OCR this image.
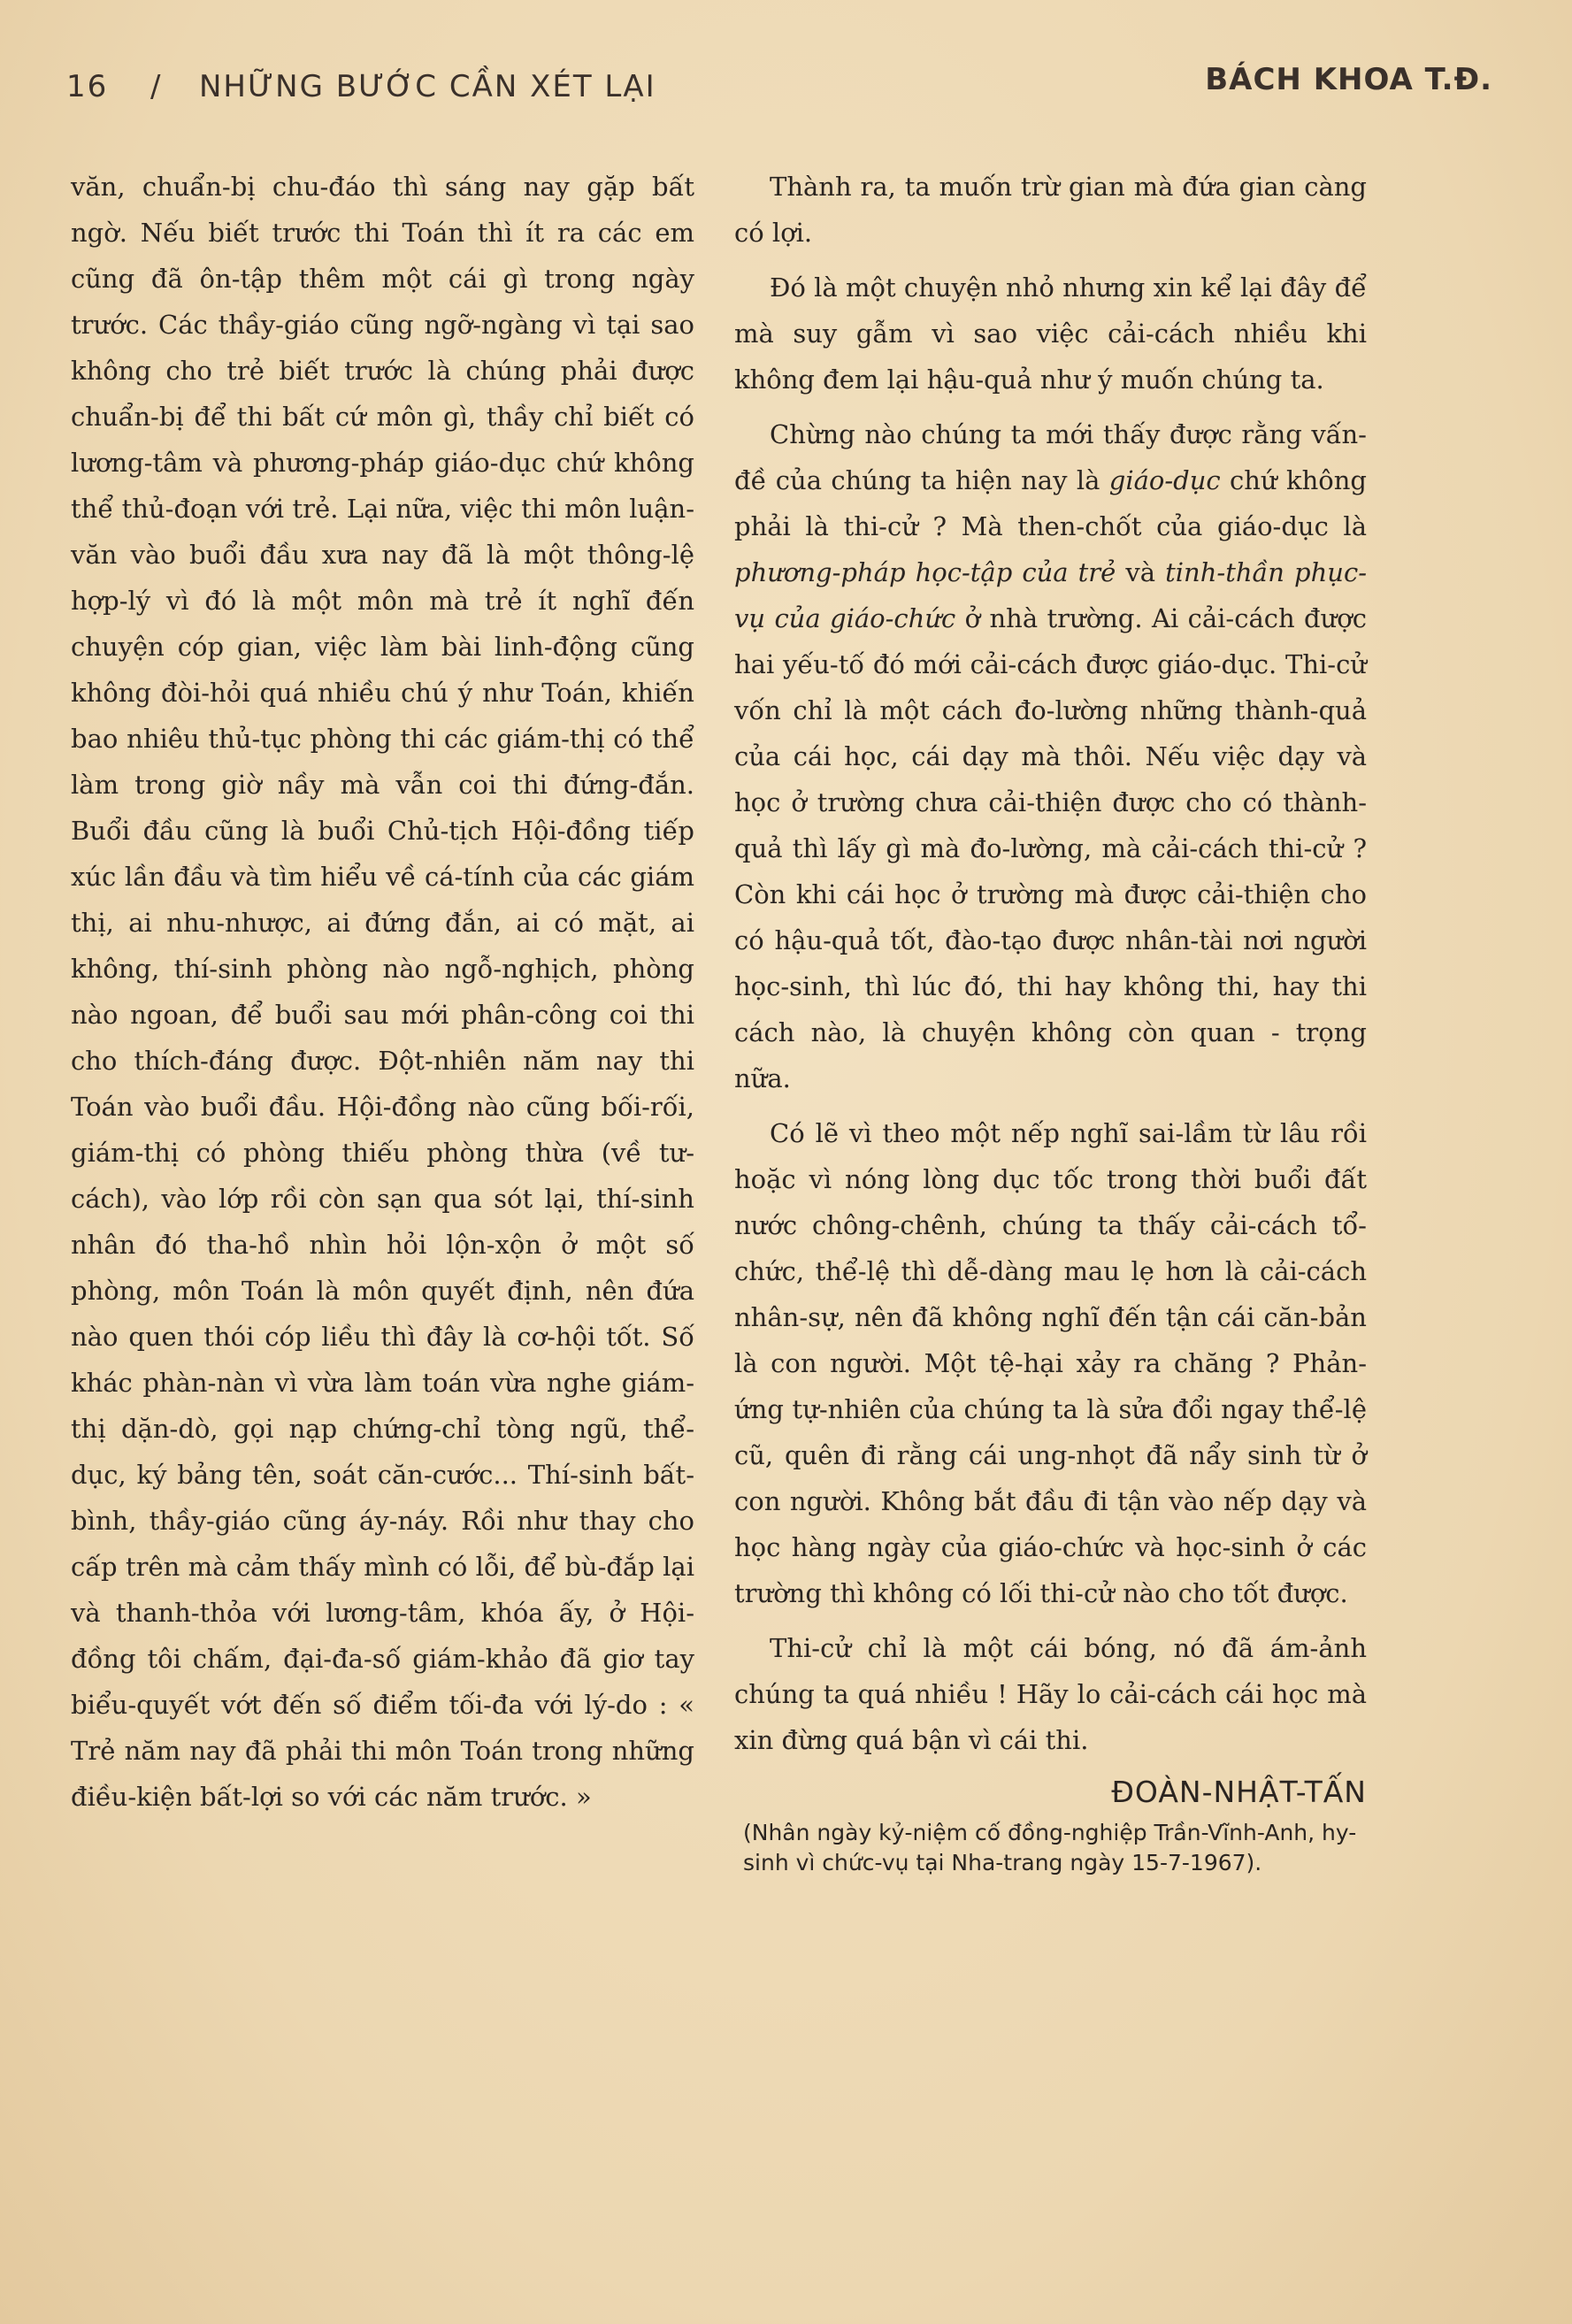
16 / NHỮNG BƯỚC CẦN XÉT LẠI	BÁCH KHOA T.Đ.

văn, chuẩn-bị chu-đáo thì sáng nay gặp bất ngờ. Nếu biết trước thi Toán thì ít ra các em cũng đã ôn-tập thêm một cái gì trong ngày trước. Các thầy-giáo cũng ngỡ-ngàng vì tại sao không cho trẻ biết trước là chúng phải được chuẩn-bị để thi bất cứ môn gì, thầy chỉ biết có lương-tâm và phương-pháp giáo-dục chứ không thể thủ-đoạn với trẻ. Lại nữa, việc thi môn luận-văn vào buổi đầu xưa nay đã là một thông-lệ hợp-lý vì đó là một môn mà trẻ ít nghĩ đến chuyện cóp gian, việc làm bài linh-động cũng không đòi-hỏi quá nhiều chú ý như Toán, khiến bao nhiêu thủ-tục phòng thi các giám-thị có thể làm trong giờ nầy mà vẫn coi thi đứng-đắn. Buổi đầu cũng là buổi Chủ-tịch Hội-đồng tiếp xúc lần đầu và tìm hiểu về cá-tính của các giám thị, ai nhu-nhược, ai đứng đắn, ai có mặt, ai không, thí-sinh phòng nào ngỗ-nghịch, phòng nào ngoan, để buổi sau mới phân-công coi thi cho thích-đáng được. Đột-nhiên năm nay thi Toán vào buổi đầu. Hội-đồng nào cũng bối-rối, giám-thị có phòng thiếu phòng thừa (về tư-cách), vào lớp rồi còn sạn qua sót lại, thí-sinh nhân đó tha-hồ nhìn hỏi lộn-xộn ở một số phòng, môn Toán là môn quyết định, nên đứa nào quen thói cóp liều thì đây là cơ-hội tốt. Số khác phàn-nàn vì vừa làm toán vừa nghe giám-thị dặn-dò, gọi nạp chứng-chỉ tòng ngũ, thể-dục, ký bảng tên, soát căn-cước... Thí-sinh bất-bình, thầy-giáo cũng áy-náy. Rồi như thay cho cấp trên mà cảm thấy mình có lỗi, để bù-đắp lại và thanh-thỏa với lương-tâm, khóa ấy, ở Hội-đồng tôi chấm, đại-đa-số giám-khảo đã giơ tay biểu-quyết vớt đến số điểm tối-đa với lý-do : « Trẻ năm nay đã phải thi môn Toán trong những điều-kiện bất-lợi so với các năm trước. »

Thành ra, ta muốn trừ gian mà đứa gian càng có lợi.

Đó là một chuyện nhỏ nhưng xin kể lại đây để mà suy gẫm vì sao việc cải-cách nhiều khi không đem lại hậu-quả như ý muốn chúng ta.

Chừng nào chúng ta mới thấy được rằng vấn-đề của chúng ta hiện nay là giáo-dục chứ không phải là thi-cử ? Mà then-chốt của giáo-dục là phương-pháp học-tập của trẻ và tinh-thần phục-vụ của giáo-chức ở nhà trường. Ai cải-cách được hai yếu-tố đó mới cải-cách được giáo-dục. Thi-cử vốn chỉ là một cách đo-lường những thành-quả của cái học, cái dạy mà thôi. Nếu việc dạy và học ở trường chưa cải-thiện được cho có thành-quả thì lấy gì mà đo-lường, mà cải-cách thi-cử ? Còn khi cái học ở trường mà được cải-thiện cho có hậu-quả tốt, đào-tạo được nhân-tài nơi người học-sinh, thì lúc đó, thi hay không thi, hay thi cách nào, là chuyện không còn quan - trọng nữa.

Có lẽ vì theo một nếp nghĩ sai-lầm từ lâu rồi hoặc vì nóng lòng dục tốc trong thời buổi đất nước chông-chênh, chúng ta thấy cải-cách tổ-chức, thể-lệ thì dễ-dàng mau lẹ hơn là cải-cách nhân-sự, nên đã không nghĩ đến tận cái căn-bản là con người. Một tệ-hại xảy ra chăng ? Phản-ứng tự-nhiên của chúng ta là sửa đổi ngay thể-lệ cũ, quên đi rằng cái ung-nhọt đã nẩy sinh từ ở con người. Không bắt đầu đi tận vào nếp dạy và học hàng ngày của giáo-chức và học-sinh ở các trường thì không có lối thi-cử nào cho tốt được.

Thi-cử chỉ là một cái bóng, nó đã ám-ảnh chúng ta quá nhiều ! Hãy lo cải-cách cái học mà xin đừng quá bận vì cái thi.

ĐOÀN-NHẬT-TẤN
(Nhân ngày kỷ-niệm cố đồng-nghiệp Trần-Vĩnh-Anh, hy-sinh vì chức-vụ tại Nha-trang ngày 15-7-1967).
